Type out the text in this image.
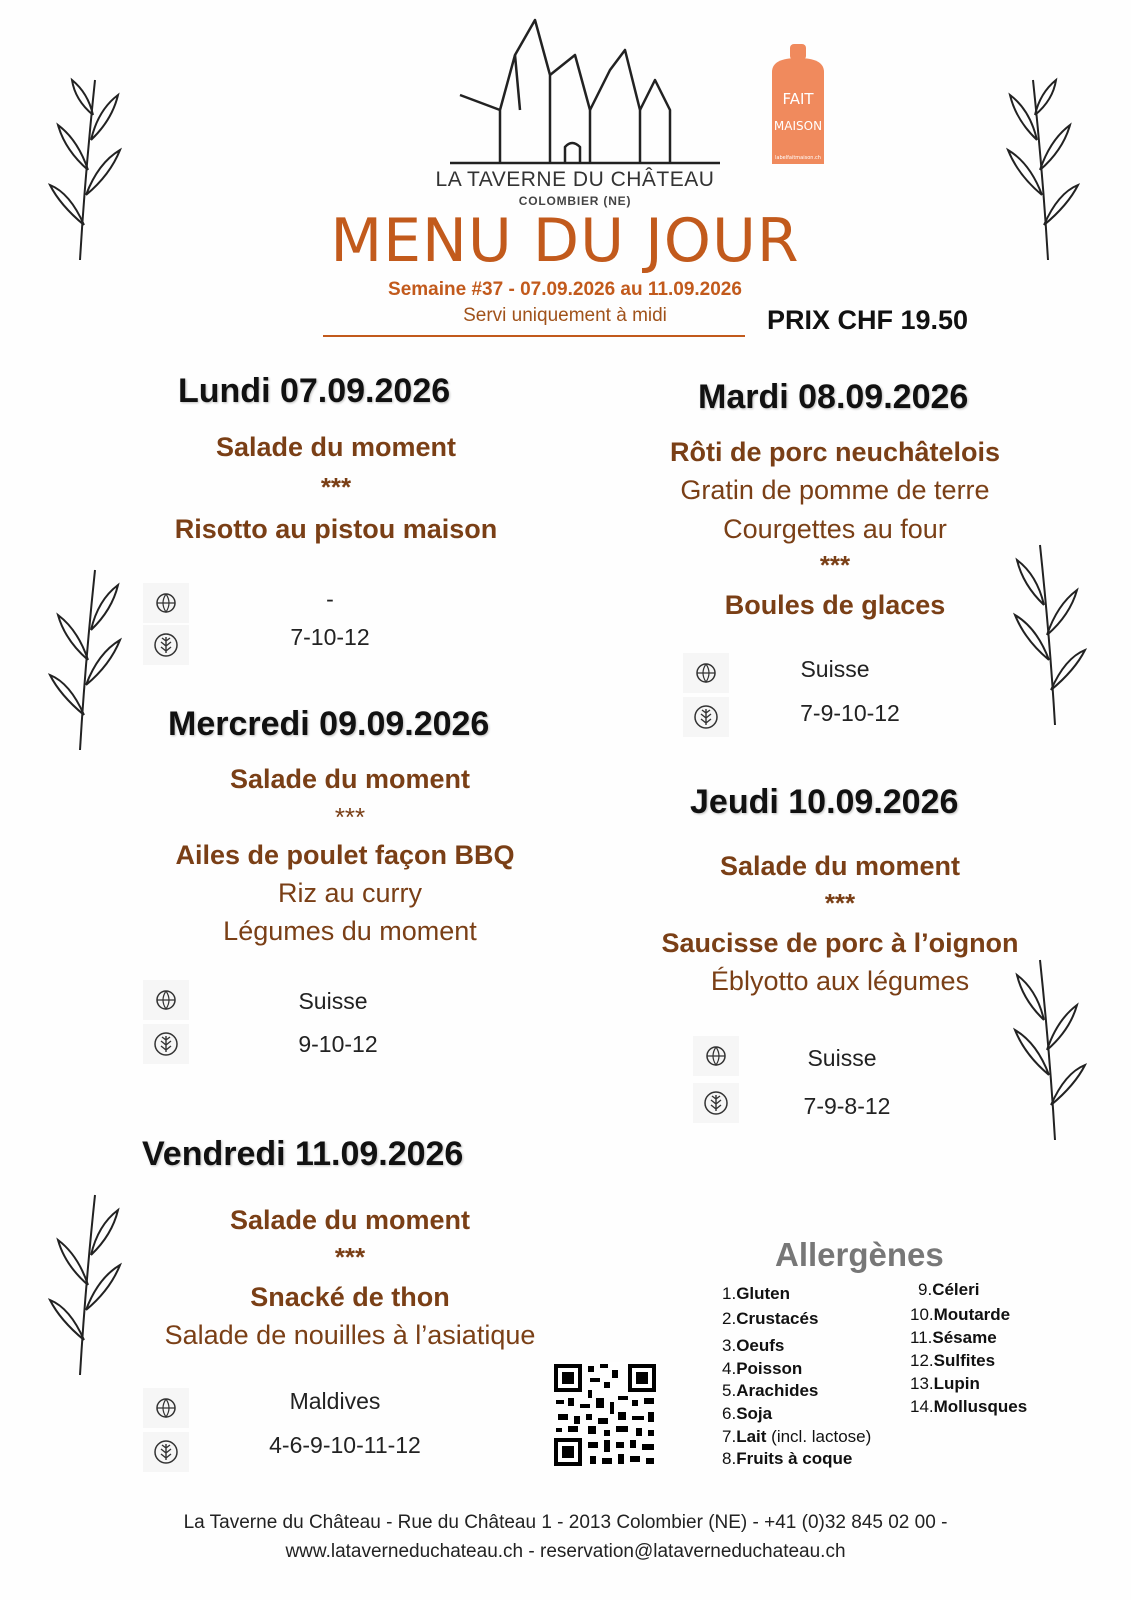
FAIT
MAISON
labelfaitmaison.ch
LA TAVERNE DU CHÂTEAU
COLOMBIER (NE)
MENU DU JOUR
Semaine #37 - 07.09.2026 au 11.09.2026
Servi uniquement à midi	PRIX CHF 19.50
Lundi 07.09.2026
Salade du moment
***
Risotto au pistou maison
-
7-10-12
Mardi 08.09.2026
Rôti de porc neuchâtelois
Gratin de pomme de terre
Courgettes au four
***
Boules de glaces
Suisse
7-9-10-12
Mercredi 09.09.2026
Salade du moment
***
Ailes de poulet façon BBQ
Riz au curry
Légumes du moment
Suisse
9-10-12
Jeudi 10.09.2026
Salade du moment
***
Saucisse de porc à l’oignon
Éblyotto aux légumes
Suisse
7-9-8-12
Vendredi 11.09.2026
Salade du moment
***
Snacké de thon
Salade de nouilles à l’asiatique
Maldives
4-6-9-10-11-12
Allergènes
1.Gluten
2.Crustacés
3.Oeufs
4.Poisson
5.Arachides
6.Soja
7.Lait (incl. lactose)
8.Fruits à coque
9.Céleri
10.Moutarde
11.Sésame
12.Sulfites
13.Lupin
14.Mollusques
La Taverne du Château - Rue du Château 1 - 2013 Colombier (NE) - +41 (0)32 845 02 00 -
www.lataverneduchateau.ch - reservation@lataverneduchateau.ch
